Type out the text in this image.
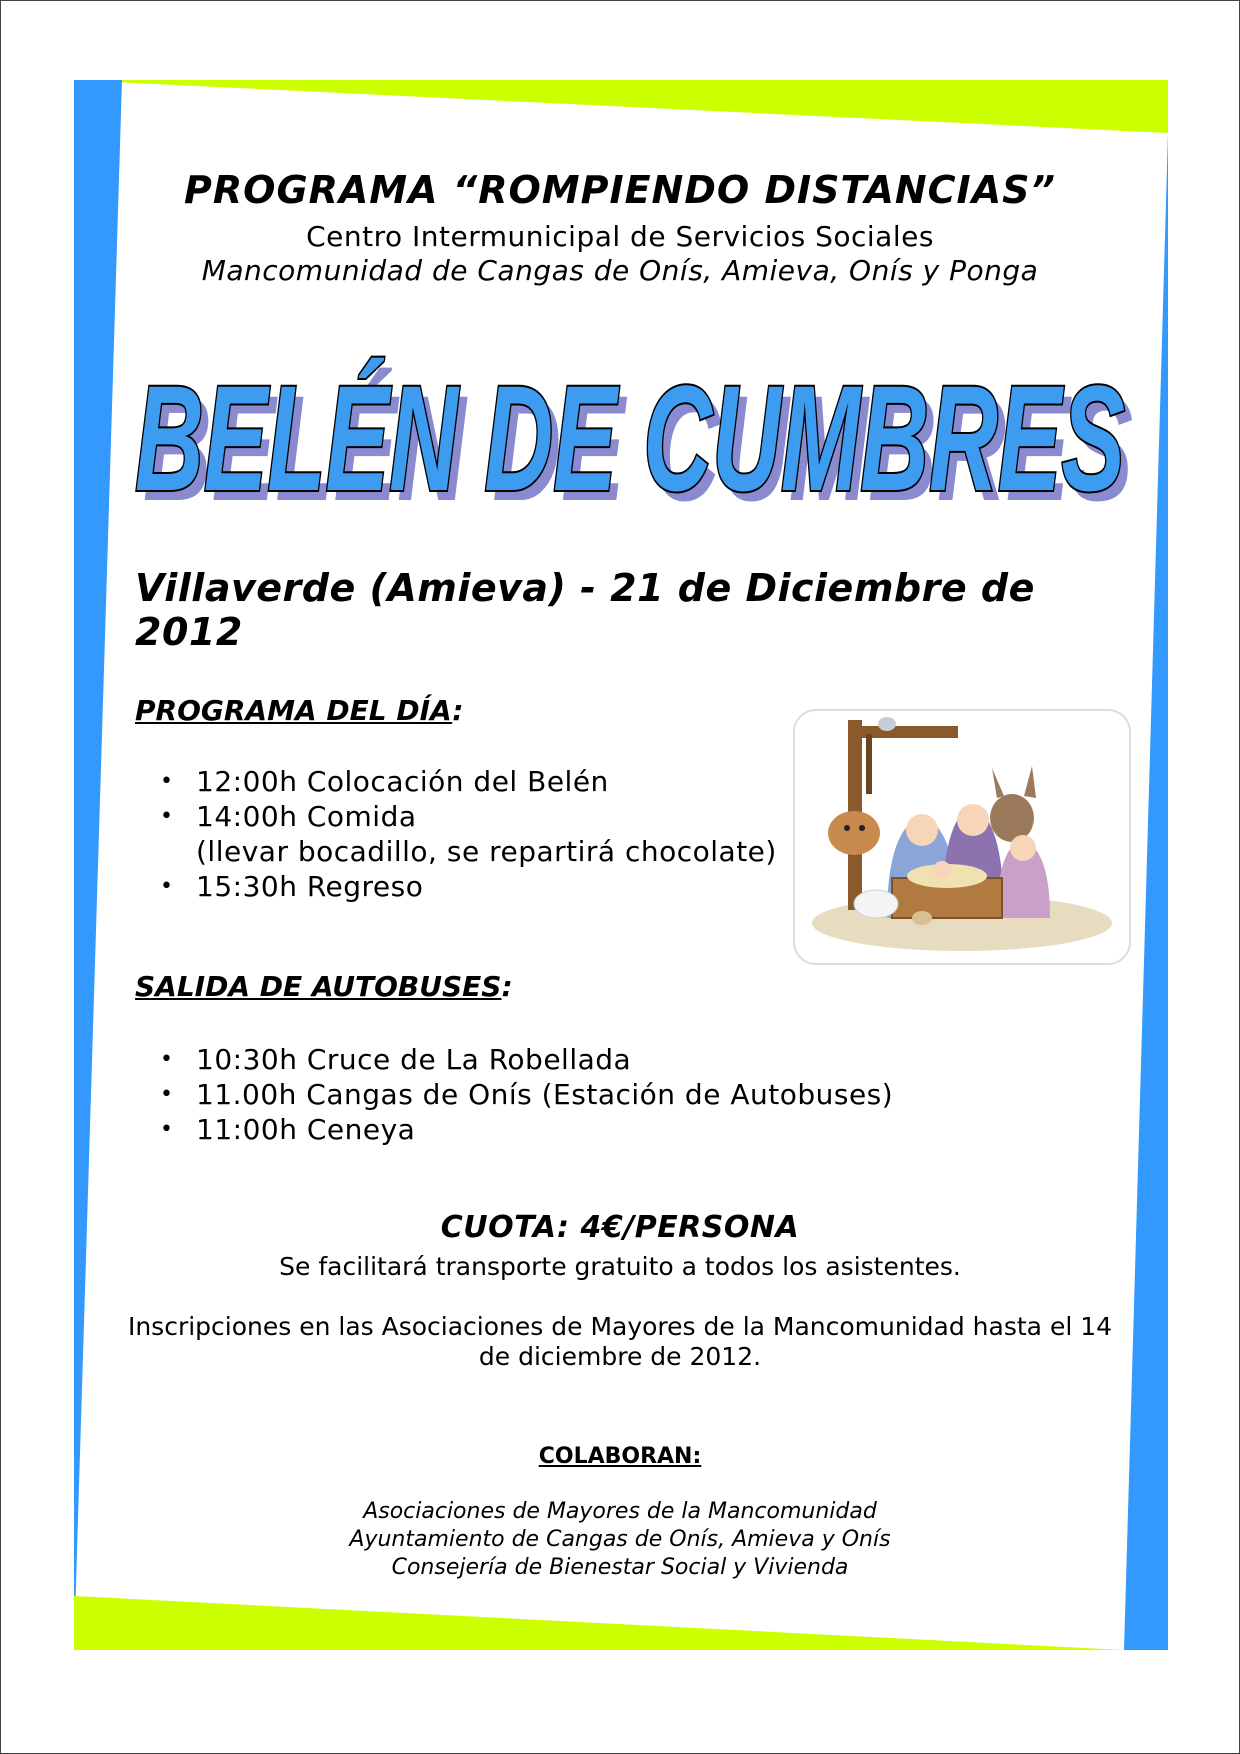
PROGRAMA “ROMPIENDO DISTANCIAS”
Centro Intermunicipal de Servicios Sociales
Mancomunidad de Cangas de Onís, Amieva, Onís y Ponga
BELÉN DE CUMBRES
BELÉN DE CUMBRES
Villaverde (Amieva) - 21 de Diciembre de 2012
PROGRAMA DEL DÍA:
• 12:00h Colocación del Belén
• 14:00h Comida
(llevar bocadillo, se repartirá chocolate)
• 15:30h Regreso
SALIDA DE AUTOBUSES:
• 10:30h Cruce de La Robellada
• 11.00h Cangas de Onís (Estación de Autobuses)
• 11:00h Ceneya
CUOTA: 4€/PERSONA
Se facilitará transporte gratuito a todos los asistentes.
Inscripciones en las Asociaciones de Mayores de la Mancomunidad hasta el 14
de diciembre de 2012.
COLABORAN:
Asociaciones de Mayores de la Mancomunidad
Ayuntamiento de Cangas de Onís, Amieva y Onís
Consejería de Bienestar Social y Vivienda
